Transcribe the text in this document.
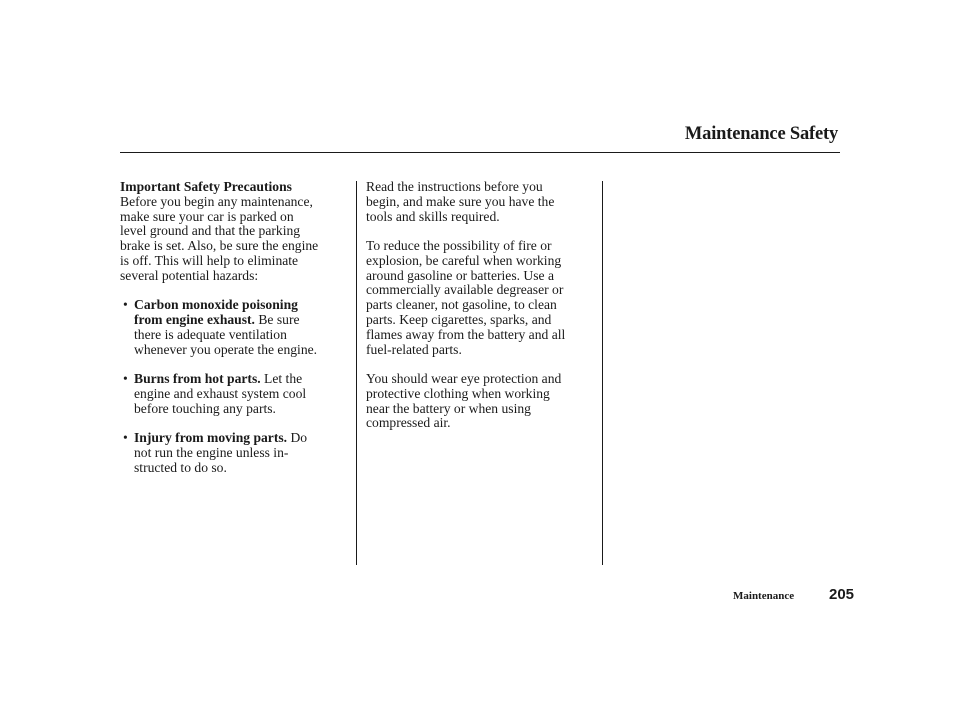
Maintenance Safety
Important Safety Precautions
Before you begin any maintenance,
make sure your car is parked on
level ground and that the parking
brake is set. Also, be sure the engine
is off. This will help to eliminate
several potential hazards:
• Carbon monoxide poisoning
from engine exhaust. Be sure
there is adequate ventilation
whenever you operate the engine.
• Burns from hot parts. Let the
engine and exhaust system cool
before touching any parts.
• Injury from moving parts. Do
not run the engine unless in-
structed to do so.
Read the instructions before you
begin, and make sure you have the
tools and skills required.
To reduce the possibility of fire or
explosion, be careful when working
around gasoline or batteries. Use a
commercially available degreaser or
parts cleaner, not gasoline, to clean
parts. Keep cigarettes, sparks, and
flames away from the battery and all
fuel-related parts.
You should wear eye protection and
protective clothing when working
near the battery or when using
compressed air.
Maintenance 205
